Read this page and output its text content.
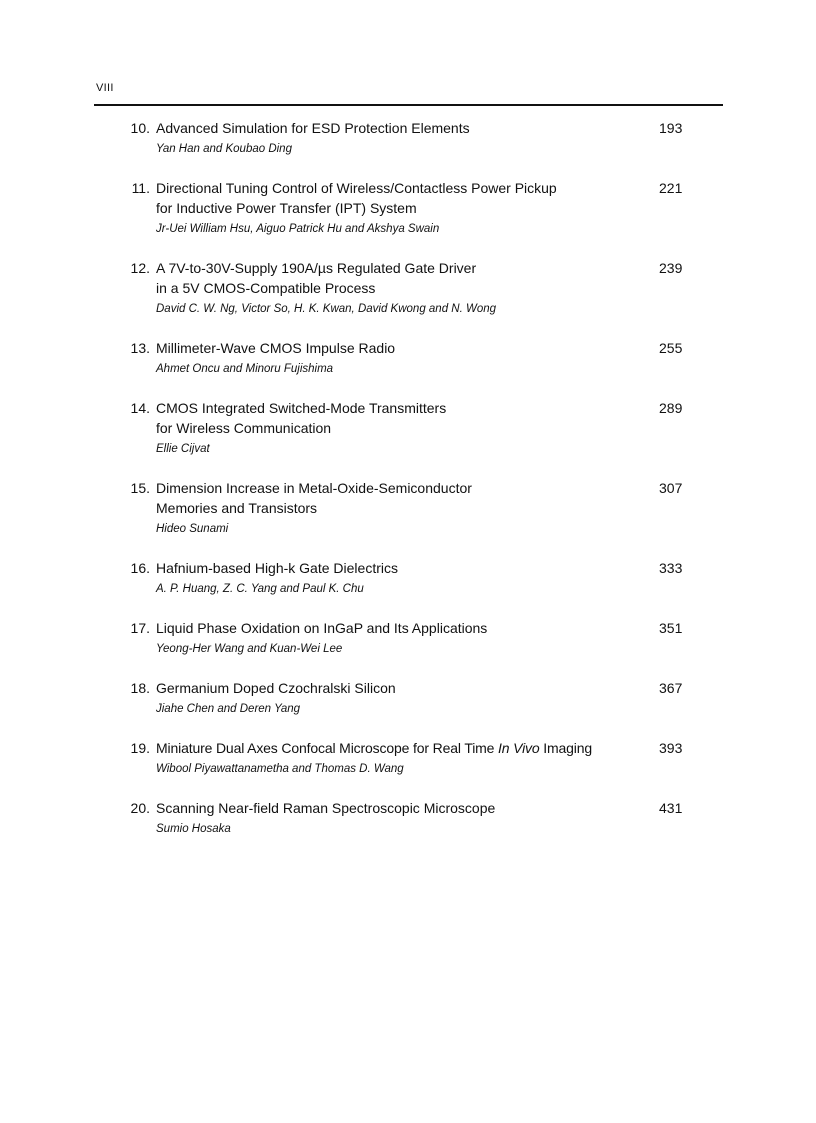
VIII
10. Advanced Simulation for ESD Protection Elements
Yan Han and Koubao Ding
193
11. Directional Tuning Control of Wireless/Contactless Power Pickup
for Inductive Power Transfer (IPT) System
Jr-Uei William Hsu, Aiguo Patrick Hu and Akshya Swain
221
12. A 7V-to-30V-Supply 190A/µs Regulated Gate Driver
in a 5V CMOS-Compatible Process
David C. W. Ng, Victor So, H. K. Kwan, David Kwong and N. Wong
239
13. Millimeter-Wave CMOS Impulse Radio
Ahmet Oncu and Minoru Fujishima
255
14. CMOS Integrated Switched-Mode Transmitters
for Wireless Communication
Ellie Cijvat
289
15. Dimension Increase in Metal-Oxide-Semiconductor
Memories and Transistors
Hideo Sunami
307
16. Hafnium-based High-k Gate Dielectrics
A. P. Huang, Z. C. Yang and Paul K. Chu
333
17. Liquid Phase Oxidation on InGaP and Its Applications
Yeong-Her Wang and Kuan-Wei Lee
351
18. Germanium Doped Czochralski Silicon
Jiahe Chen and Deren Yang
367
19. Miniature Dual Axes Confocal Microscope for Real Time In Vivo Imaging
Wibool Piyawattanametha and Thomas D. Wang
393
20. Scanning Near-field Raman Spectroscopic Microscope
Sumio Hosaka
431
